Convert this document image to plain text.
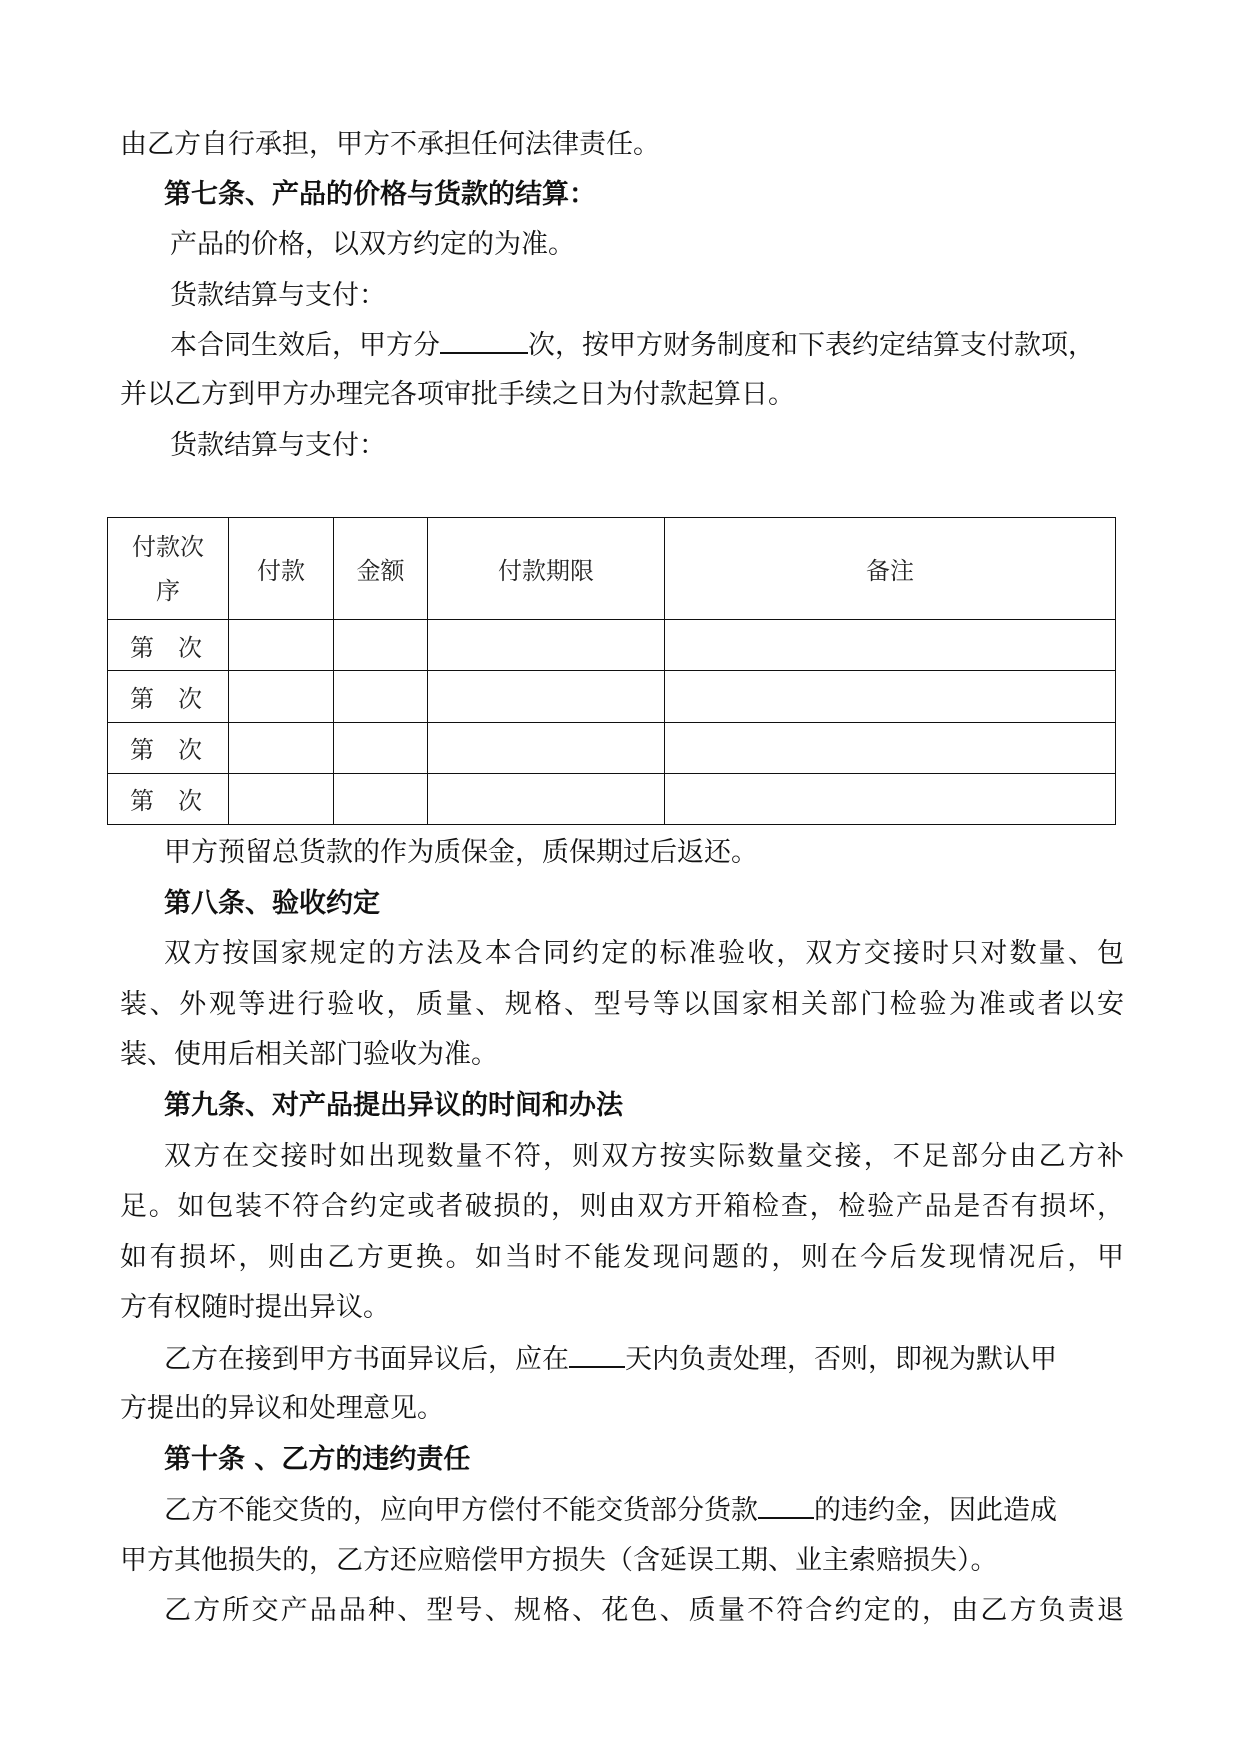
由乙方自行承担，甲方不承担任何法律责任。
第七条、产品的价格与货款的结算：
产品的价格，以双方约定的为准。
货款结算与支付：
本合同生效后，甲方分	次，按甲方财务制度和下表约定结算支付款项，
并以乙方到甲方办理完各项审批手续之日为付款起算日。
货款结算与支付：
付款次序	付款	金额	付款期限	备注
第 次				
第 次				
第 次				
第 次				
甲方预留总货款的作为质保金，质保期过后返还。
第八条、验收约定
双方按国家规定的方法及本合同约定的标准验收，双方交接时只对数量、包
装、外观等进行验收，质量、规格、型号等以国家相关部门检验为准或者以安
装、使用后相关部门验收为准。
第九条、对产品提出异议的时间和办法
双方在交接时如出现数量不符，则双方按实际数量交接，不足部分由乙方补
足。如包装不符合约定或者破损的，则由双方开箱检查，检验产品是否有损坏，
如有损坏，则由乙方更换。如当时不能发现问题的，则在今后发现情况后，甲
方有权随时提出异议。
乙方在接到甲方书面异议后，应在 天内负责处理，否则，即视为默认甲
方提出的异议和处理意见。
第十条 、乙方的违约责任
乙方不能交货的，应向甲方偿付不能交货部分货款 的违约金，因此造成
甲方其他损失的，乙方还应赔偿甲方损失（含延误工期、业主索赔损失）。
乙方所交产品品种、型号、规格、花色、质量不符合约定的，由乙方负责退
